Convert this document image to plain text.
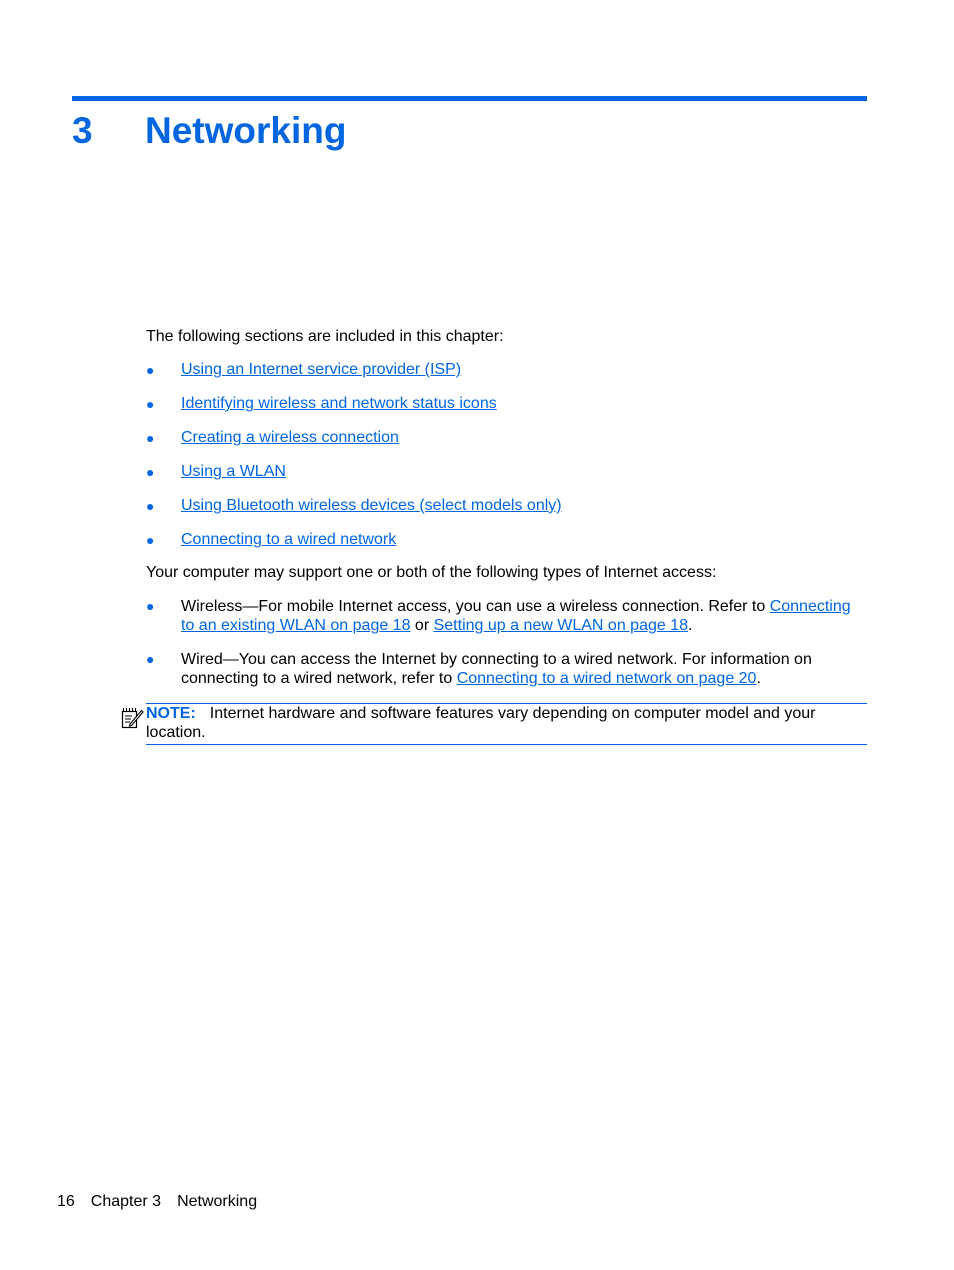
3 Networking
The following sections are included in this chapter:
● Using an Internet service provider (ISP)
● Identifying wireless and network status icons
● Creating a wireless connection
● Using a WLAN
● Using Bluetooth wireless devices (select models only)
● Connecting to a wired network
Your computer may support one or both of the following types of Internet access:
● Wireless—For mobile Internet access, you can use a wireless connection. Refer to Connecting to an existing WLAN on page 18 or Setting up a new WLAN on page 18.
● Wired—You can access the Internet by connecting to a wired network. For information on connecting to a wired network, refer to Connecting to a wired network on page 20.
NOTE: Internet hardware and software features vary depending on computer model and your location.
16 Chapter 3 Networking
